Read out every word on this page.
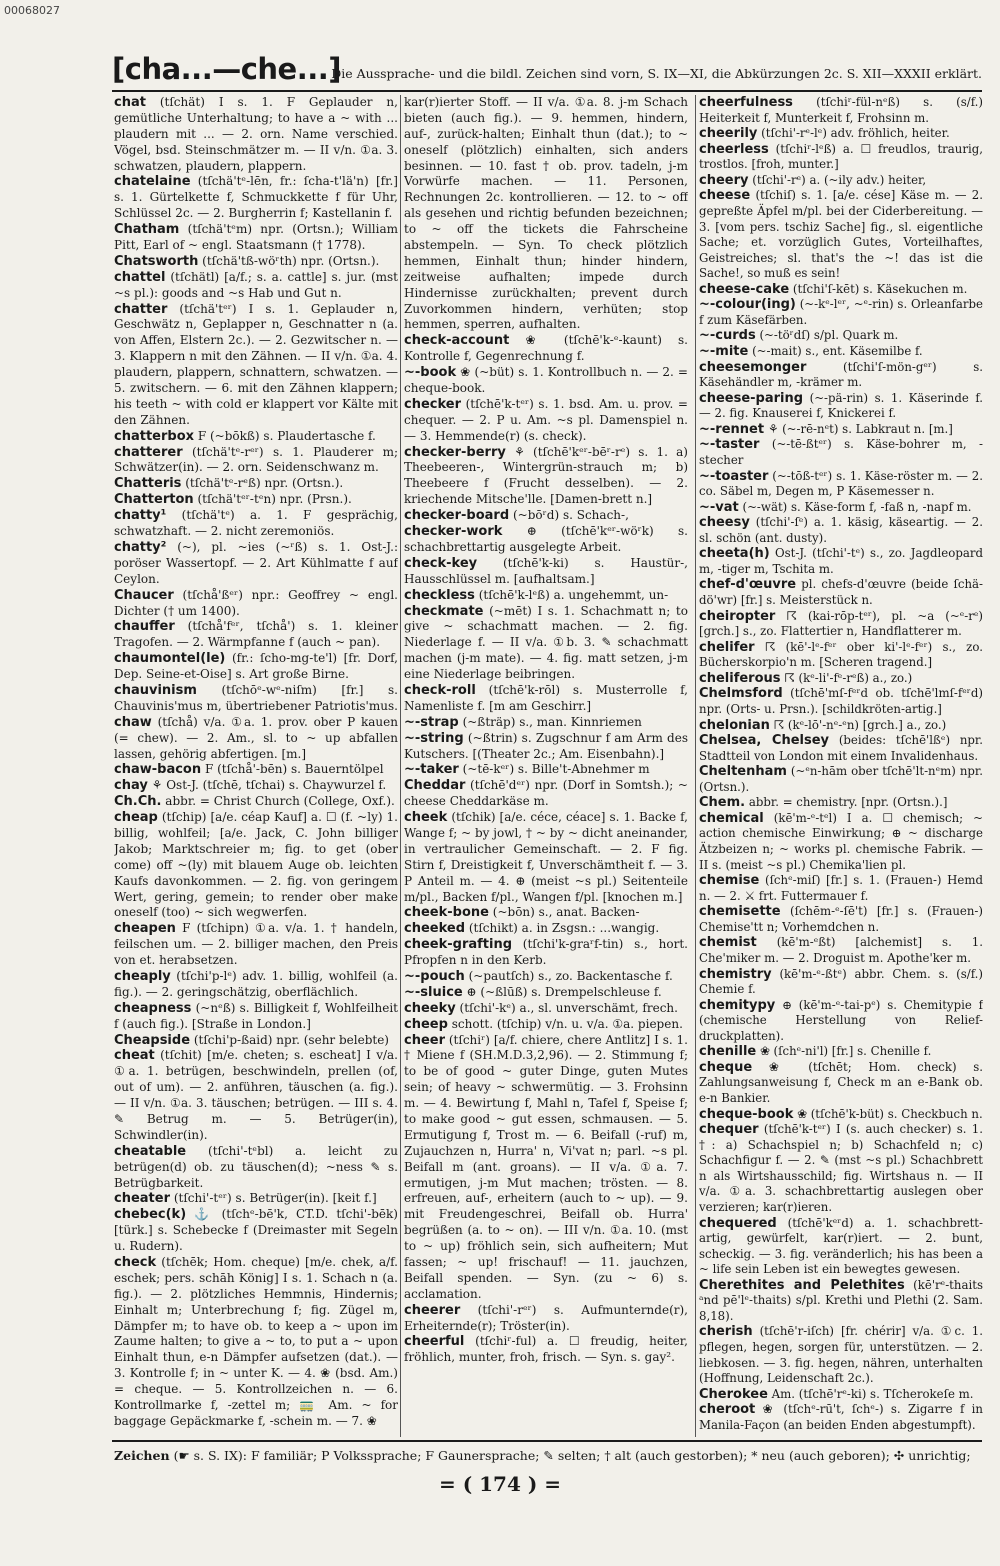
00068027
[cha...—che...]
Die Aussprache- und die bildl. Zeichen sind vorn, S. IX—XI, die Abkürzungen 2c. S. XII—XXXII erklärt.

chat (tſchät) I s. 1. F Geplauder n, gemütliche Unterhaltung; to have a ~ with ... plaudern mit ... — 2. orn. Name verschied. Vögel, bsd. Steinschmätzer m. — II v/n. ①a. 3. schwatzen, plaudern, plappern.

chatelaine (tſchä'tᵉ-lēn, fr.: ſcha-t'lä'n) [fr.] s. 1. Gürtelkette f, Schmuckkette f für Uhr, Schlüssel 2c. — 2. Burgherrin f; Kastellanin f.

Chatham (tſchä'tᵉm) npr. (Ortsn.); William Pitt, Earl of ~ engl. Staatsmann († 1778).

Chatsworth (tſchä'tß-wöʳth) npr. (Ortsn.).

chattel (tſchätl) [a/f.; s. a. cattle] s. jur. (mst ~s pl.): goods and ~s Hab und Gut n.

chatter (tſchä'tᵉʳ) I s. 1. Geplauder n, Geschwätz n, Geplapper n, Geschnatter n (a. von Affen, Elstern 2c.). — 2. Gezwitscher n. — 3. Klappern n mit den Zähnen. — II v/n. ①a. 4. plaudern, plappern, schnattern, schwatzen. — 5. zwitschern. — 6. mit den Zähnen klappern; his teeth ~ with cold er klappert vor Kälte mit den Zähnen.

chatterbox F (~bōkß) s. Plaudertasche f.

chatterer (tſchä'tᵉ-rᵉʳ) s. 1. Plauderer m; Schwätzer(in). — 2. orn. Seidenschwanz m.

Chatteris (tſchä'tᵉ-rᵉß) npr. (Ortsn.).

Chatterton (tſchä'tᵉʳ-tᵉn) npr. (Prsn.).

chatty¹ (tſchä'tᵉ) a. 1. F gesprächig, schwatzhaft. — 2. nicht zeremoniös.

chatty² (~), pl. ~ies (~ʳß) s. 1. Ost-J.: poröser Wassertopf. — 2. Art Kühlmatte f auf Ceylon.

Chaucer (tſchå'ßᵉʳ) npr.: Geoffrey ~ engl. Dichter († um 1400).

chauffer (tſchå'fᵉʳ, tſchå') s. 1. kleiner Tragofen. — 2. Wärmpfanne f (auch ~ pan).

chaumontel(le) (fr.: ſcho-mg-te'l) [fr. Dorf, Dep. Seine-et-Oise] s. Art große Birne.

chauvinism (tſchōᵉ-wᵉ-niſm) [fr.] s. Chauvinis'mus m, übertriebener Patriotis'mus.

chaw (tſchå) v/a. ①a. 1. prov. ober P kauen (= chew). — 2. Am., sl. to ~ up abfallen lassen, gehörig abfertigen. [m.]

chaw-bacon F (tſchå'-bēn) s. Bauerntölpel

chay ⚘ Ost-J. (tſchē, tſchai) s. Chaywurzel f.

Ch.Ch. abbr. = Christ Church (College, Oxf.).

cheap (tſchip) [a/e. céap Kauf] a. ☐ (f. ~ly) 1. billig, wohlfeil; [a/e. Jack, C. John billiger Jakob; Marktschreier m; fig. to get (ober come) off ~(ly) mit blauem Auge ob. leichten Kaufs davonkommen. — 2. fig. von geringem Wert, gering, gemein; to render ober make oneself (too) ~ sich wegwerfen.

cheapen F (tſchipn) ①a. v/a. 1. † handeln, feilschen um. — 2. billiger machen, den Preis von et. herabsetzen.

cheaply (tſchi'p-lᵉ) adv. 1. billig, wohlfeil (a. fig.). — 2. geringschätzig, oberflächlich.

cheapness (~nᵉß) s. Billigkeit f, Wohlfeilheit f (auch fig.). [Straße in London.]

Cheapside (tſchi'p-ßaid) npr. (sehr belebte)

cheat (tſchit) [m/e. cheten; s. escheat] I v/a. ①a. 1. betrügen, beschwindeln, prellen (of, out of um). — 2. anführen, täuschen (a. fig.). — II v/n. ①a. 3. täuschen; betrügen. — III s. 4. ✎ Betrug m. — 5. Betrüger(in), Schwindler(in).

cheatable (tſchi'-tᵉbl) a. leicht zu betrügen(d) ob. zu täuschen(d); ~ness ✎ s. Betrügbarkeit.

cheater (tſchi'-tᵉʳ) s. Betrüger(in). [keit f.]

chebec(k) ⚓ (tſchᵉ-bē'k, CT.D. tſchi'-bēk) [türk.] s. Schebecke f (Dreimaster mit Segeln u. Rudern).

check (tſchēk; Hom. cheque) [m/e. chek, a/f. eschek; pers. schāh König] I s. 1. Schach n (a. fig.). — 2. plötzliches Hemmnis, Hindernis; Einhalt m; Unterbrechung f; fig. Zügel m, Dämpfer m; to have ob. to keep a ~ upon im Zaume halten; to give a ~ to, to put a ~ upon Einhalt thun, e-n Dämpfer aufsetzen (dat.). — 3. Kontrolle f; in ~ unter K. — 4. ❀ (bsd. Am.) = cheque. — 5. Kontrollzeichen n. — 6. Kontrollmarke f, -zettel m; 🚃 Am. ~ for baggage Gepäckmarke f, -schein m. — 7. ❀

kar(r)ierter Stoff. — II v/a. ①a. 8. j-m Schach bieten (auch fig.). — 9. hemmen, hindern, auf-, zurück-halten; Einhalt thun (dat.); to ~ oneself (plötzlich) einhalten, sich anders besinnen. — 10. fast † ob. prov. tadeln, j-m Vorwürfe machen. — 11. Personen, Rechnungen 2c. kontrollieren. — 12. to ~ off als gesehen und richtig befunden bezeichnen; to ~ off the tickets die Fahrscheine abstempeln. — Syn. To check plötzlich hemmen, Einhalt thun; hinder hindern, zeitweise aufhalten; impede durch Hindernisse zurückhalten; prevent durch Zuvorkommen hindern, verhüten; stop hemmen, sperren, aufhalten.

check-account ❀ (tſchē'k-ᵉ-kaunt) s. Kontrolle f, Gegenrechnung f.

~-book ❀ (~büt) s. 1. Kontrollbuch n. — 2. = cheque-book.

checker (tſchē'k-tᵉʳ) s. 1. bsd. Am. u. prov. = chequer. — 2. P u. Am. ~s pl. Damenspiel n. — 3. Hemmende(r) (s. check).

checker-berry ⚘ (tſchē'kᵉʳ-bēʳ-rᵉ) s. 1. a) Theebeeren-, Wintergrün-strauch m; b) Theebeere f (Frucht desselben). — 2. kriechende Mitsche'lle. [Damen-brett n.]

checker-board (~bōʳd) s. Schach-,

checker-work ⊕ (tſchē'kᵉʳ-wöʳk) s. schachbrettartig ausgelegte Arbeit.

check-key (tſchē'k-ki) s. Haustür-, Hausschlüssel m. [aufhaltsam.]

checkless (tſchē'k-lᵉß) a. ungehemmt, un-

checkmate (~mēt) I s. 1. Schachmatt n; to give ~ schachmatt machen. — 2. fig. Niederlage f. — II v/a. ①b. 3. ✎ schachmatt machen (j-m mate). — 4. fig. matt setzen, j-m eine Niederlage beibringen.

check-roll (tſchē'k-rōl) s. Musterrolle f, Namenliste f. [m am Geschirr.]

~-strap (~ßträp) s., man. Kinnriemen

~-string (~ßtrin) s. Zugschnur f am Arm des Kutschers. [(Theater 2c.; Am. Eisenbahn).]

~-taker (~tē-kᵉʳ) s. Bille't-Abnehmer m

Cheddar (tſchē'dᵉʳ) npr. (Dorf in Somtsh.); ~ cheese Cheddarkäse m.

cheek (tſchik) [a/e. céce, céace] s. 1. Backe f, Wange f; ~ by jowl, † ~ by ~ dicht aneinander, in vertraulicher Gemeinschaft. — 2. F fig. Stirn f, Dreistigkeit f, Unverschämtheit f. — 3. P Anteil m. — 4. ⊕ (meist ~s pl.) Seitenteile m/pl., Backen f/pl., Wangen f/pl. [knochen m.]

cheek-bone (~bōn) s., anat. Backen-

cheeked (tſchikt) a. in Zsgsn.: ...wangig.

cheek-grafting (tſchi'k-graʳf-tin) s., hort. Pfropfen n in den Kerb.

~-pouch (~pautſch) s., zo. Backentasche f.

~-sluice ⊕ (~ßlūß) s. Drempelschleuse f.

cheeky (tſchi'-kᵉ) a., sl. unverschämt, frech.

cheep schott. (tſchip) v/n. u. v/a. ①a. piepen.

cheer (tſchiʳ) [a/f. chiere, chere Antlitz] I s. 1. † Miene f (SH.M.D.3,2,96). — 2. Stimmung f; to be of good ~ guter Dinge, guten Mutes sein; of heavy ~ schwermütig. — 3. Frohsinn m. — 4. Bewirtung f, Mahl n, Tafel f, Speise f; to make good ~ gut essen, schmausen. — 5. Ermutigung f, Trost m. — 6. Beifall (-ruf) m, Zujauchzen n, Hurra' n, Vi'vat n; parl. ~s pl. Beifall m (ant. groans). — II v/a. ①a. 7. ermutigen, j-m Mut machen; trösten. — 8. erfreuen, auf-, erheitern (auch to ~ up). — 9. mit Freudengeschrei, Beifall ob. Hurra' begrüßen (a. to ~ on). — III v/n. ①a. 10. (mst to ~ up) fröhlich sein, sich aufheitern; Mut fassen; ~ up! frischauf! — 11. jauchzen, Beifall spenden. — Syn. (zu ~ 6) s. acclamation.

cheerer (tſchi'-rᵉʳ) s. Aufmunternde(r), Erheiternde(r); Tröster(in).

cheerful (tſchiʳ-ful) a. ☐ freudig, heiter, fröhlich, munter, froh, frisch. — Syn. s. gay².

cheerfulness (tſchiʳ-fül-nᵉß) s. (s/f.) Heiterkeit f, Munterkeit f, Frohsinn m.

cheerily (tſchi'-rᵉ-lᵉ) adv. fröhlich, heiter.

cheerless (tſchiʳ-lᵉß) a. ☐ freudlos, traurig, trostlos. [froh, munter.]

cheery (tſchi'-rᵉ) a. (~ily adv.) heiter,

cheese (tſchiſ) s. 1. [a/e. cése] Käse m. — 2. gepreßte Äpfel m/pl. bei der Ciderbereitung. — 3. [vom pers. tschiz Sache] fig., sl. eigentliche Sache; et. vorzüglich Gutes, Vorteilhaftes, Geistreiches; sl. that's the ~! das ist die Sache!, so muß es sein!

cheese-cake (tſchi'ſ-kēt) s. Käsekuchen m.

~-colour(ing) (~-kᵉ-lᵉʳ, ~ᵉ-rin) s. Orleanfarbe f zum Käsefärben.

~-curds (~-töʳdſ) s/pl. Quark m.

~-mite (~-mait) s., ent. Käsemilbe f.

cheesemonger	(tſchi'ſ-mön-gᵉʳ) s. Käsehändler m, -krämer m.

cheese-paring (~-pä-rin) s. 1. Käserinde f. — 2. fig. Knauserei f, Knickerei f.

~-rennet ⚘ (~-rē-nᵉt) s. Labkraut n. [m.]

~-taster (~-tē-ßtᵉʳ) s. Käse-bohrer m, -stecher

~-toaster (~-tōß-tᵉʳ) s. 1. Käse-röster m. — 2. co. Säbel m, Degen m, P Käsemesser n.

~-vat (~-wät) s. Käse-form f, -faß n, -napf m.

cheesy (tſchi'-ſᵉ) a. 1. käsig, käseartig. — 2. sl. schön (ant. dusty).

cheeta(h) Ost-J. (tſchi'-tᵉ) s., zo. Jagdleopard m, -tiger m, Tschita m.

chef-d'œuvre pl. chefs-d'œuvre (beide ſchä-dö'wr) [fr.] s. Meisterstück n.

cheiropter ☈ (kai-rōp-tᵉʳ), pl. ~a (~ᵉ-rᵉ) [grch.] s., zo. Flattertier n, Handflatterer m.

chelifer ☈ (kē'-lᵉ-fᵉʳ ober ki'-lᵉ-fᵉʳ) s., zo. Bücherskorpio'n m. [Scheren tragend.]

cheliferous ☈ (kᵉ-li'-fᵉ-rᵉß) a., zo.)

Chelmsford (tſchē'mſ-fᵉʳd ob. tſchē'lmſ-fᵉʳd) npr. (Orts- u. Prsn.). [schildkröten-artig.]

chelonian ☈ (kᵉ-lō'-nᵉ-ᵉn) [grch.] a., zo.)

Chelsea, Chelsey (beides: tſchē'lßᵉ) npr. Stadtteil von London mit einem Invalidenhaus.

Cheltenham (~ᵉn-hām ober tſchē'lt-nᵉm) npr. (Ortsn.).

Chem. abbr. = chemistry. [npr. (Ortsn.).]

chemical (kē'm-ᵉ-tᵉl) I a. ☐ chemisch; ~ action chemische Einwirkung; ⊕ ~ discharge Ätzbeizen n; ~ works pl. chemische Fabrik. — II s. (meist ~s pl.) Chemika'lien pl.

chemise (ſchᵉ-miſ) [fr.] s. 1. (Frauen-) Hemd n. — 2. ⚔ frt. Futtermauer f.

chemisette (ſchēm-ᵉ-ſē't) [fr.] s. (Frauen-) Chemise'tt n; Vorhemdchen n.

chemist (kē'm-ᵉßt) [alchemist] s. 1. Che'miker m. — 2. Droguist m. Apothe'ker m.

chemistry (kē'm-ᵉ-ßtᵉ) abbr. Chem. s. (s/f.) Chemie f.

chemitypy ⊕ (kē'm-ᵉ-tai-pᵉ) s. Chemitypie f (chemische Herstellung von Relief-druckplatten).

chenille ❀ (ſchᵉ-ni'l) [fr.] s. Chenille f.

cheque ❀ (tſchēt; Hom. check) s. Zahlungsanweisung f, Check m an e-Bank ob. e-n Bankier.

cheque-book ❀ (tſchē'k-büt) s. Checkbuch n.

chequer (tſchē'k-tᵉʳ) I (s. auch checker) s. 1. †: a) Schachspiel n; b) Schachfeld n; c) Schachfigur f. — 2. ✎ (mst ~s pl.) Schachbrett n als Wirtshausschild; fig. Wirtshaus n. — II v/a. ①a. 3. schachbrettartig auslegen ober verzieren; kar(r)ieren.

chequered (tſchē'kᵉʳd) a. 1. schachbrett-artig, gewürfelt, kar(r)iert. — 2. bunt, scheckig. — 3. fig. veränderlich; his has been a ~ life sein Leben ist ein bewegtes gewesen.

Cherethites and Pelethites (kē'rᵉ-thaits ᵃnd pē'lᵉ-thaits) s/pl. Krethi und Plethi (2. Sam. 8,18).

cherish (tſchē'r-iſch) [fr. chérir] v/a. ①c. 1. pflegen, hegen, sorgen für, unterstützen. — 2. liebkosen. — 3. fig. hegen, nähren, unterhalten (Hoffnung, Leidenschaft 2c.).

Cherokee Am. (tſchē'rᵉ-ki) s. Tſcherokeſe m.

cheroot ❀ (tſchᵉ-rū't, ſchᵉ-) s. Zigarre f in Manila-Façon (an beiden Enden abgestumpft).

Zeichen (☛ s. S. IX): F familiär; P Volkssprache; F Gaunersprache; ✎ selten; † alt (auch gestorben); * neu (auch geboren); ✣ unrichtig;
= ( 174 ) =
